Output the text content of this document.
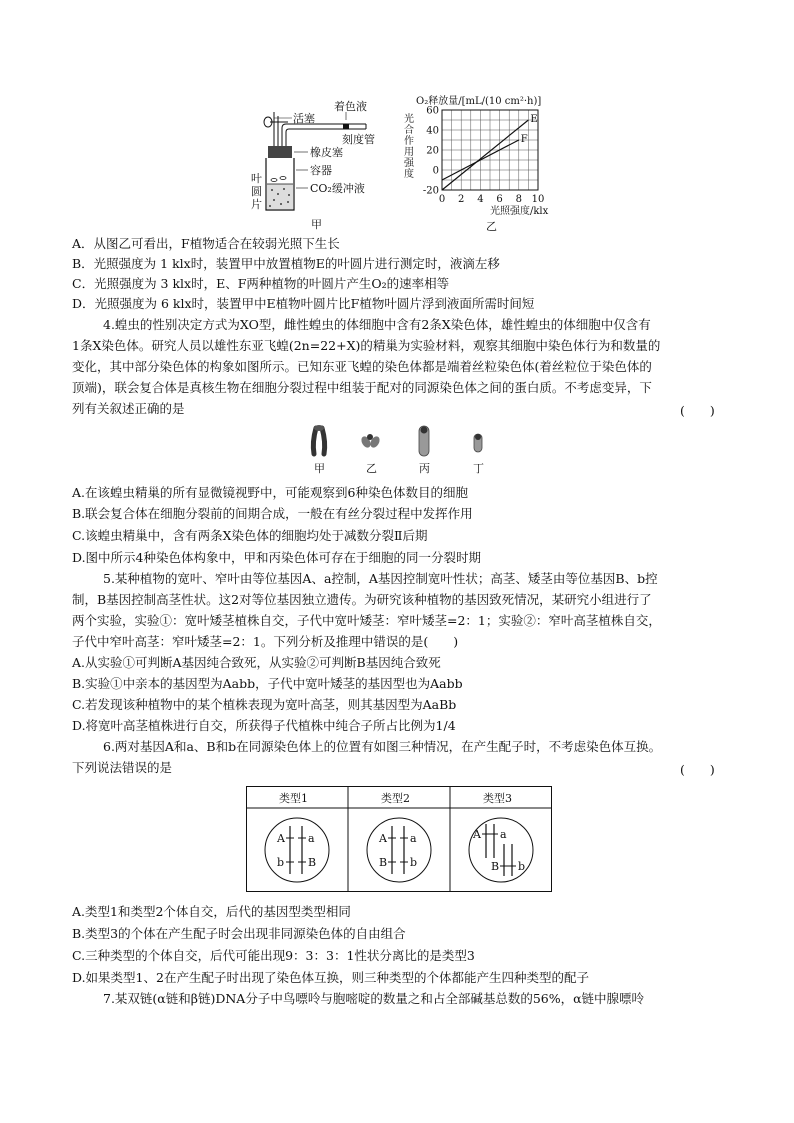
活塞
着色液
橡皮塞
刻度管
容器
CO₂缓冲液
叶
圆
片
甲
O₂释放量/[mL/(10 cm²·h)]
光
合
作
用
强
度
60
40
20
0
-20
0 2 4 6 8 10
E
F
光照强度/klx
乙
A．从图乙可看出，F植物适合在较弱光照下生长
B．光照强度为 1 klx时，装置甲中放置植物E的叶圆片进行测定时，液滴左移
C．光照强度为 3 klx时，E、F两种植物的叶圆片产生O₂的速率相等
D．光照强度为 6 klx时，装置甲中E植物叶圆片比F植物叶圆片浮到液面所需时间短
4.蝗虫的性别决定方式为XO型，雌性蝗虫的体细胞中含有2条X染色体，雄性蝗虫的体细胞中仅含有
1条X染色体。研究人员以雄性东亚飞蝗(2n=22+X)的精巢为实验材料，观察其细胞中染色体行为和数量的
变化，其中部分染色体的构象如图所示。已知东亚飞蝗的染色体都是端着丝粒染色体(着丝粒位于染色体的
顶端)，联会复合体是真核生物在细胞分裂过程中组装于配对的同源染色体之间的蛋白质。不考虑变异，下
列有关叙述正确的是	(　　)
甲	乙	丙	丁
A.在该蝗虫精巢的所有显微镜视野中，可能观察到6种染色体数目的细胞
B.联会复合体在细胞分裂前的间期合成，一般在有丝分裂过程中发挥作用
C.该蝗虫精巢中，含有两条X染色体的细胞均处于减数分裂Ⅱ后期
D.图中所示4种染色体构象中，甲和丙染色体可存在于细胞的同一分裂时期
5.某种植物的宽叶、窄叶由等位基因A、a控制，A基因控制宽叶性状；高茎、矮茎由等位基因B、b控
制，B基因控制高茎性状。这2对等位基因独立遗传。为研究该种植物的基因致死情况，某研究小组进行了
两个实验，实验①：宽叶矮茎植株自交，子代中宽叶矮茎：窄叶矮茎=2：1；实验②：窄叶高茎植株自交，
子代中窄叶高茎：窄叶矮茎=2：1。下列分析及推理中错误的是(　　)
A.从实验①可判断A基因纯合致死，从实验②可判断B基因纯合致死
B.实验①中亲本的基因型为Aabb，子代中宽叶矮茎的基因型也为Aabb
C.若发现该种植物中的某个植株表现为宽叶高茎，则其基因型为AaBb
D.将宽叶高茎植株进行自交，所获得子代植株中纯合子所占比例为1/4
6.两对基因A和a、B和b在同源染色体上的位置有如图三种情况，在产生配子时，不考虑染色体互换。
下列说法错误的是	(　　)
类型1	类型2	类型3
A a
b B
A a
B b
A a
B b
A.类型1和类型2个体自交，后代的基因型类型相同
B.类型3的个体在产生配子时会出现非同源染色体的自由组合
C.三种类型的个体自交，后代可能出现9：3：3：1性状分离比的是类型3
D.如果类型1、2在产生配子时出现了染色体互换，则三种类型的个体都能产生四种类型的配子
7.某双链(α链和β链)DNA分子中鸟嘌呤与胞嘧啶的数量之和占全部碱基总数的56%，α链中腺嘌呤
